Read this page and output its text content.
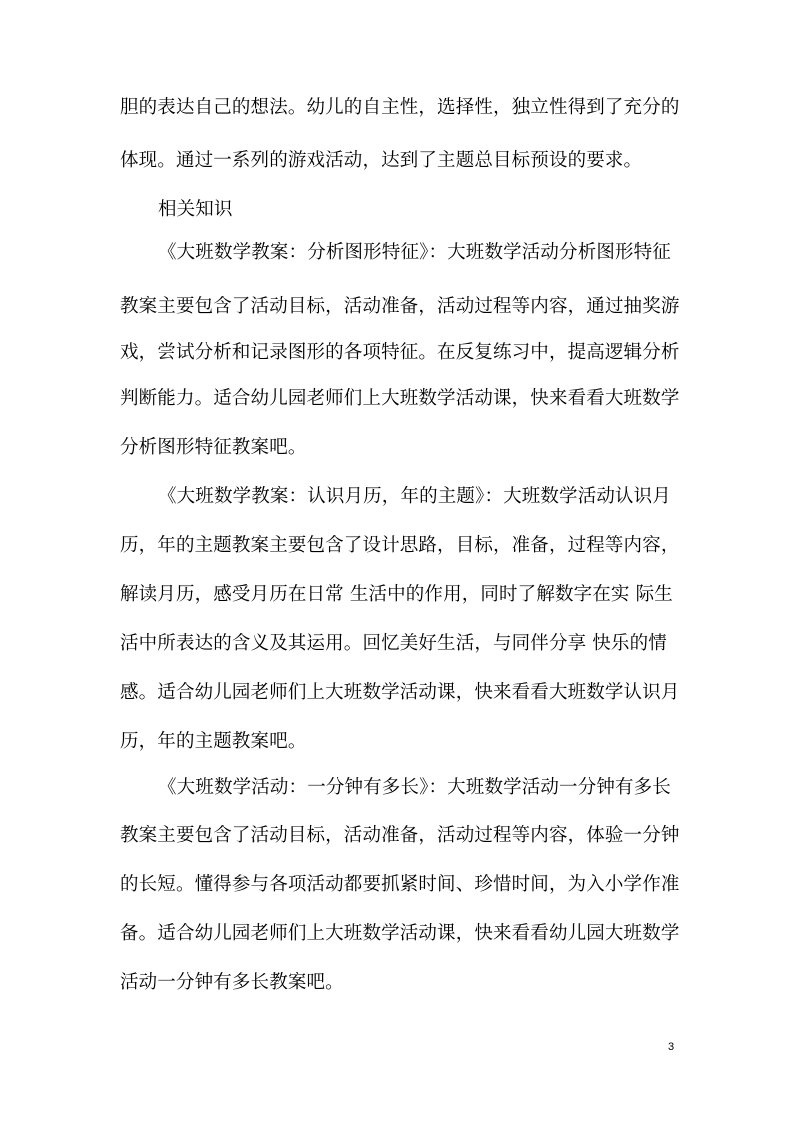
胆的表达自己的想法。幼儿的自主性，选择性，独立性得到了充分的
体现。通过一系列的游戏活动，达到了主题总目标预设的要求。
相关知识
《大班数学教案：分析图形特征》：大班数学活动分析图形特征
教案主要包含了活动目标，活动准备，活动过程等内容，通过抽奖游
戏，尝试分析和记录图形的各项特征。在反复练习中，提高逻辑分析
判断能力。适合幼儿园老师们上大班数学活动课，快来看看大班数学
分析图形特征教案吧。
《大班数学教案：认识月历，年的主题》：大班数学活动认识月
历，年的主题教案主要包含了设计思路，目标，准备，过程等内容，
解读月历，感受月历在日常 生活中的作用，同时了解数字在实 际生
活中所表达的含义及其运用。回忆美好生活，与同伴分享 快乐的情
感。适合幼儿园老师们上大班数学活动课，快来看看大班数学认识月
历，年的主题教案吧。
《大班数学活动：一分钟有多长》：大班数学活动一分钟有多长
教案主要包含了活动目标，活动准备，活动过程等内容，体验一分钟
的长短。懂得参与各项活动都要抓紧时间、珍惜时间，为入小学作准
备。适合幼儿园老师们上大班数学活动课，快来看看幼儿园大班数学
活动一分钟有多长教案吧。
3
